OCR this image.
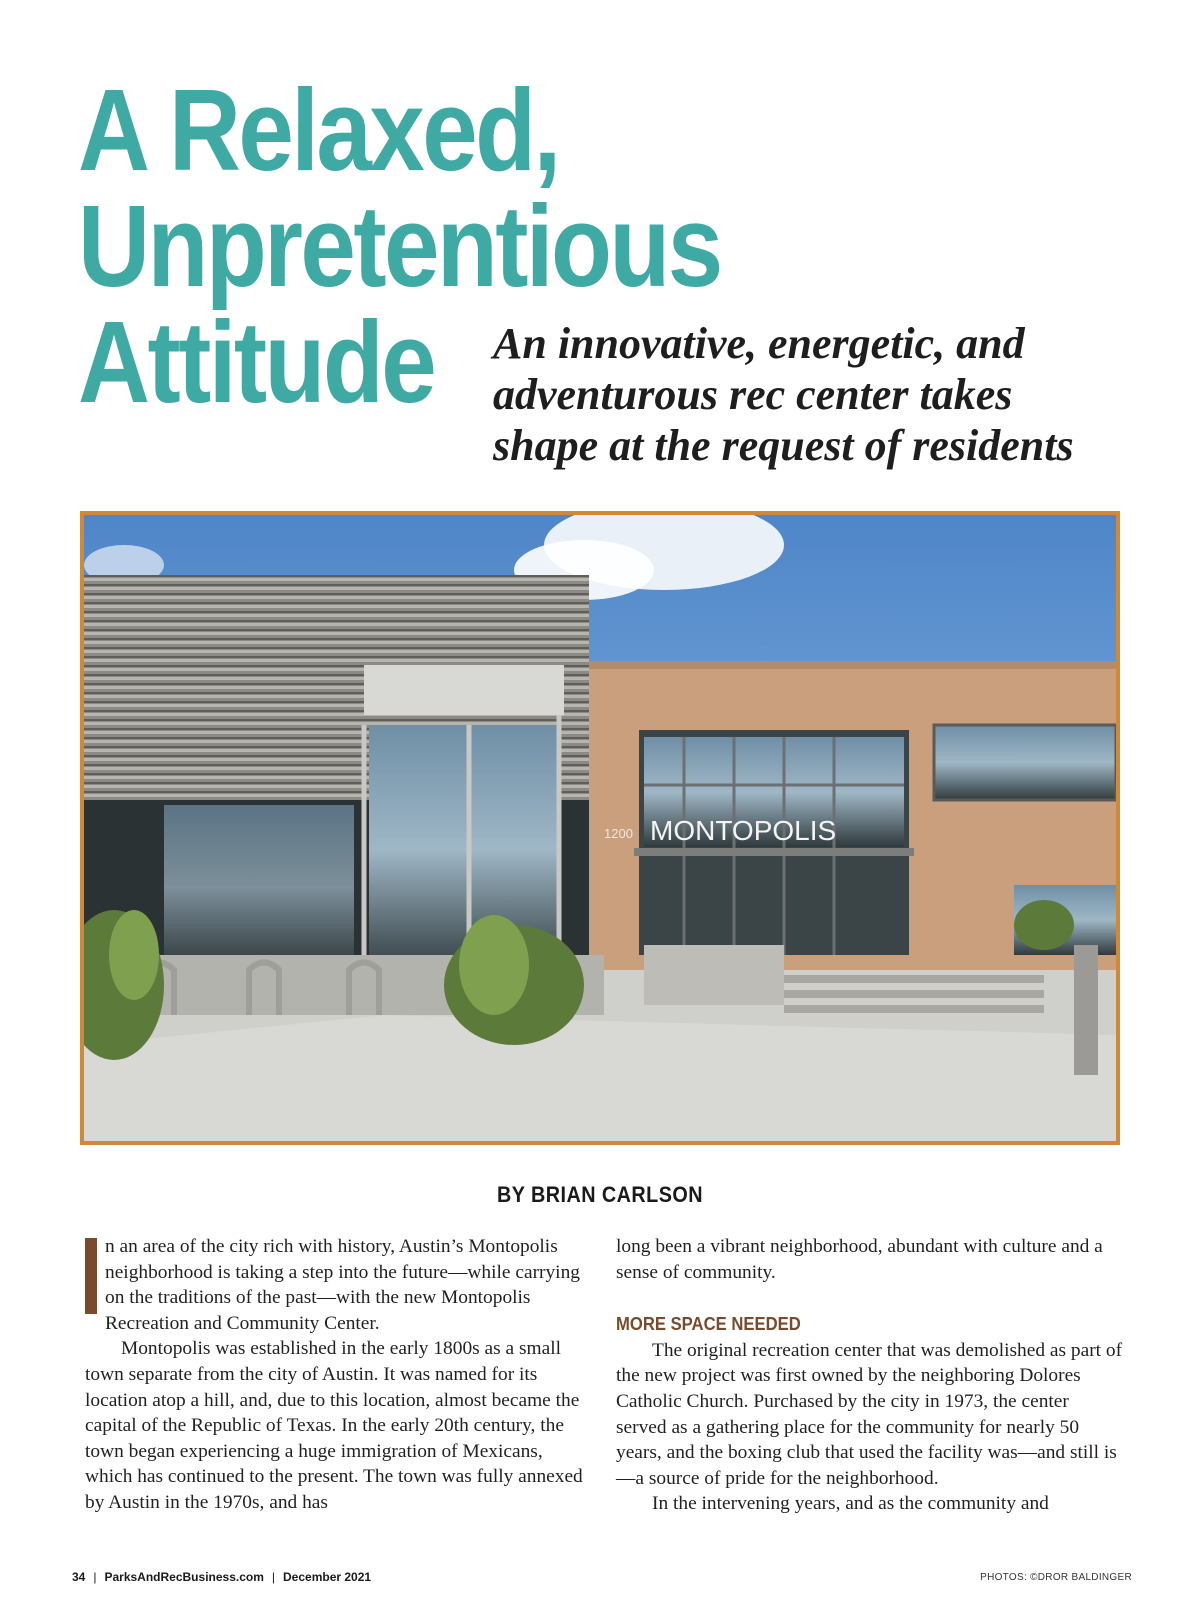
A Relaxed,
Unpretentious
Attitude	An innovative, energetic, and
adventurous rec center takes
shape at the request of residents
MONTOPOLIS
1200
BY BRIAN CARLSON

I	n an area of the city rich with history, Austin’s Montopolis neighborhood is taking a step into the future—while carrying on the traditions of the past—with the new Montopolis Recreation and Community Center.

Montopolis was established in the early 1800s as a small town separate from the city of Austin. It was named for its location atop a hill, and, due to this location, almost became the capital of the Republic of Texas. In the early 20th century, the town began experiencing a huge immigration of Mexicans, which has continued to the present. The town was fully annexed by Austin in the 1970s, and has

long been a vibrant neighborhood, abundant with culture and a sense of community.

MORE SPACE NEEDED

The original recreation center that was demolished as part of the new project was first owned by the neighboring Dolores Catholic Church. Purchased by the city in 1973, the center served as a gathering place for the community for nearly 50 years, and the boxing club that used the facility was—and still is—a source of pride for the neighborhood.

In the intervening years, and as the community and

34 | ParksAndRecBusiness.com | December 2021	PHOTOS: ©DROR BALDINGER
